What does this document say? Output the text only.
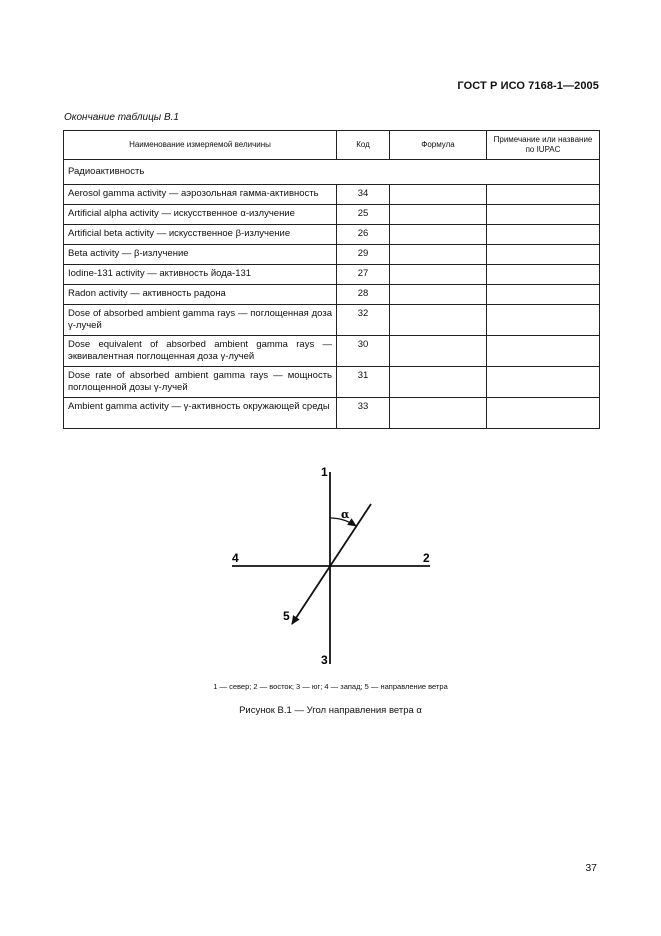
ГОСТ Р ИСО 7168-1—2005
Окончание таблицы В.1
Наименование измеряемой величины	Код	Формула	Примечание или название по IUPAC
Радиоактивность			
Aerosol gamma activity — аэрозольная гамма-активность	34		
Artificial alpha activity — искусственное α-излучение	25		
Artificial beta activity — искусственное β-излучение	26		
Beta activity — β-излучение	29		
Iodine-131 activity — активность йода-131	27		
Radon activity — активность радона	28		
Dose of absorbed ambient gamma rays — поглощенная доза γ-лучей	32		
Dose equivalent of absorbed ambient gamma rays — эквивалентная поглощенная доза γ-лучей	30		
Dose rate of absorbed ambient gamma rays — мощность поглощенной дозы γ-лучей	31		
Ambient gamma activity — γ-активность окружающей среды	33		
1
2
3
4
5
α
1 — север; 2 — восток; 3 — юг; 4 — запад; 5 — направление ветра
Рисунок В.1 — Угол направления ветра α
37
